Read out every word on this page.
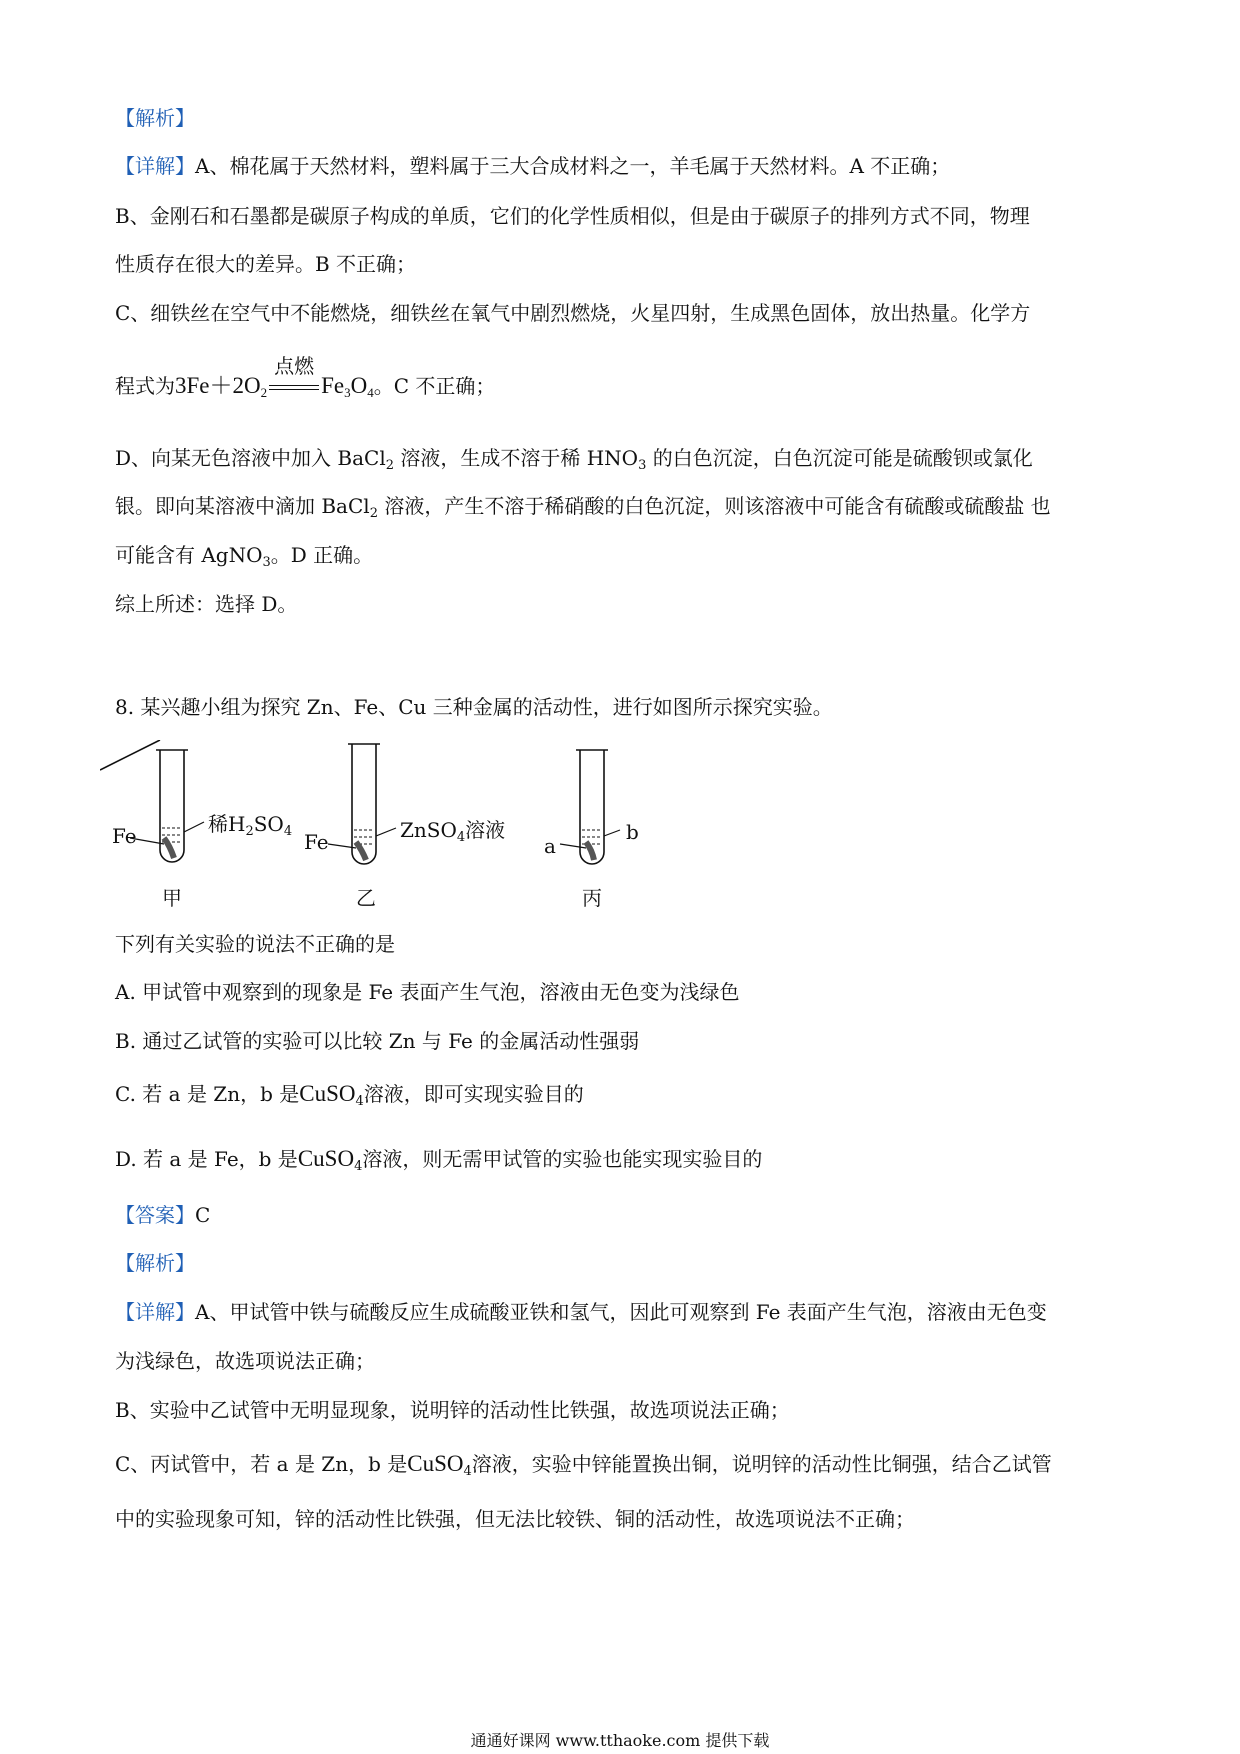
【解析】
【详解】A、棉花属于天然材料，塑料属于三大合成材料之一，羊毛属于天然材料。A 不正确；
B、金刚石和石墨都是碳原子构成的单质，它们的化学性质相似，但是由于碳原子的排列方式不同，物理
性质存在很大的差异。B 不正确；
C、细铁丝在空气中不能燃烧，细铁丝在氧气中剧烈燃烧，火星四射，生成黑色固体，放出热量。化学方
程式为$3Fe+2O_2$
点燃
$Fe_3O_4$。C 不正确；
D、向某无色溶液中加入 BaCl$_2$ 溶液，生成不溶于稀 $HNO_3$ 的白色沉淀，白色沉淀可能是硫酸钡或氯化
银。即向某溶液中滴加 BaCl$_2$ 溶液，产生不溶于稀硝酸的白色沉淀，则该溶液中可能含有硫酸或硫酸盐 也
可能含有 AgNO$_3$。D 正确。
综上所述：选择 D。
8. 某兴趣小组为探究 Zn、Fe、Cu 三种金属的活动性，进行如图所示探究实验。
Fe	稀$H_2SO_4$
甲
Fe	ZnSO$_4$溶液
乙
a
b
丙
下列有关实验的说法不正确的是
A. 甲试管中观察到的现象是 Fe 表面产生气泡，溶液由无色变为浅绿色
B. 通过乙试管的实验可以比较 Zn 与 Fe 的金属活动性强弱
C. 若 a 是 Zn，b 是CuSO$_4$溶液，即可实现实验目的
D. 若 a 是 Fe，b 是CuSO$_4$溶液，则无需甲试管的实验也能实现实验目的
【答案】C
【解析】
【详解】A、甲试管中铁与硫酸反应生成硫酸亚铁和氢气，因此可观察到 Fe 表面产生气泡，溶液由无色变
为浅绿色，故选项说法正确；
B、实验中乙试管中无明显现象，说明锌的活动性比铁强，故选项说法正确；
C、丙试管中，若 a 是 Zn，b 是CuSO$_4$溶液，实验中锌能置换出铜，说明锌的活动性比铜强，结合乙试管
中的实验现象可知，锌的活动性比铁强，但无法比较铁、铜的活动性，故选项说法不正确；
通通好课网 www.tthaoke.com 提供下载
